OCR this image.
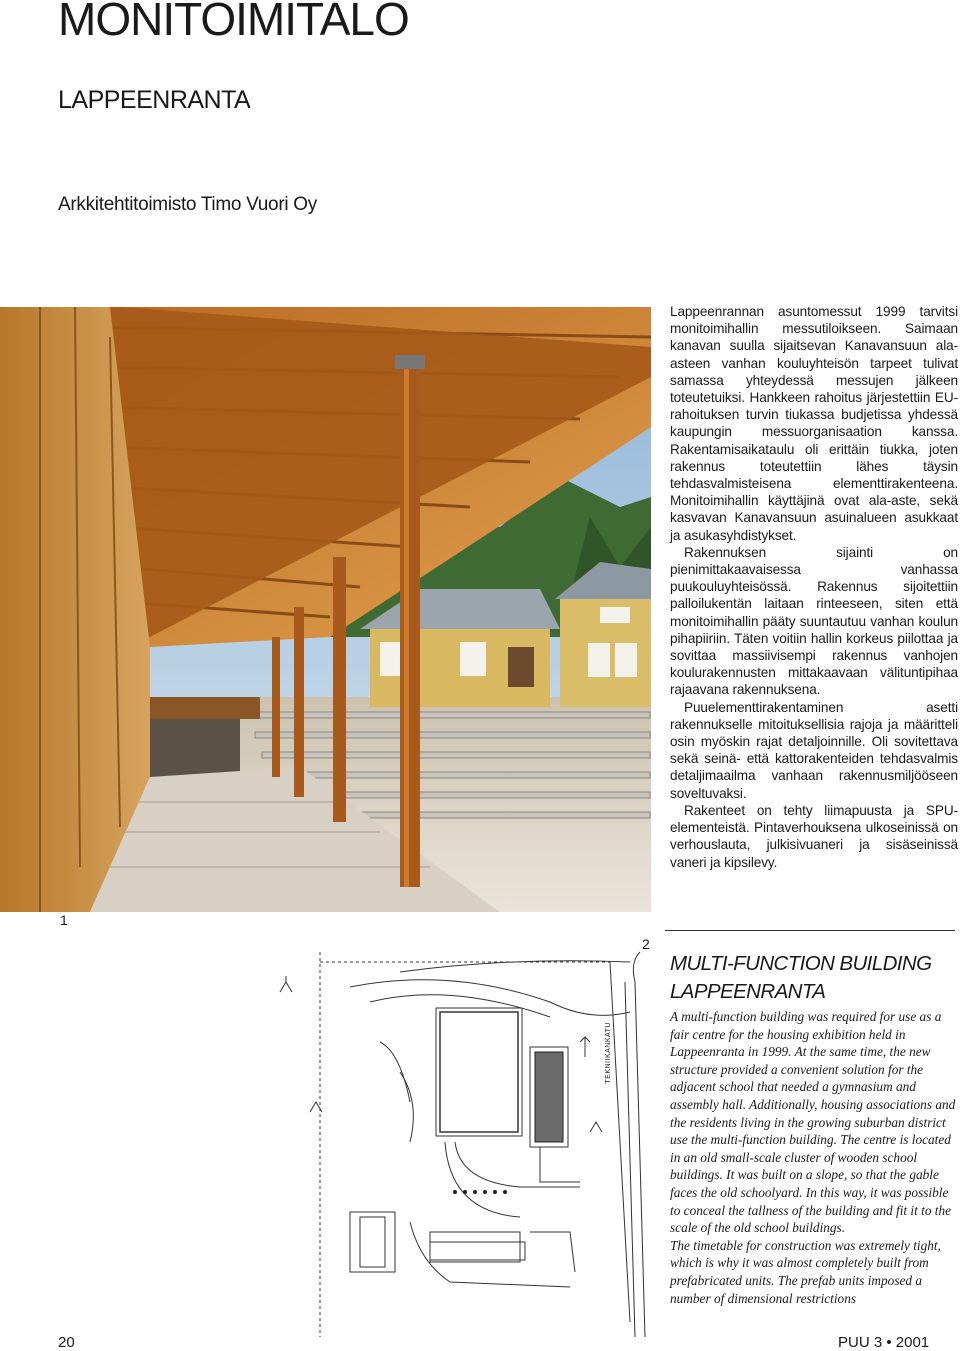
MONITOIMITALO
LAPPEENRANTA
Arkkitehtitoimisto Timo Vuori Oy
1
2

Lappeenrannan asuntomessut 1999 tarvitsi monitoimihallin messutiloikseen. Saimaan kanavan suulla sijaitsevan Kanavansuun ala-asteen vanhan kouluyhteisön tarpeet tulivat samassa yhteydessä messujen jälkeen toteutetuiksi. Hankkeen rahoitus järjestettiin EU-rahoituksen turvin tiukassa budjetissa yhdessä kaupungin messuorganisaation kanssa. Rakentamisaikataulu oli erittäin tiukka, joten rakennus toteutettiin lähes täysin tehdasvalmisteisena elementtirakenteena. Monitoimihallin käyttäjinä ovat ala-aste, sekä kasvavan Kanavansuun asuinalueen asukkaat ja asukasyhdistykset.

Rakennuksen sijainti on pienimittakaavaisessa vanhassa puukouluyhteisössä. Rakennus sijoitettiin palloilukentän laitaan rinteeseen, siten että monitoimihallin pääty suuntautuu vanhan koulun pihapiiriin. Täten voitiin hallin korkeus piilottaa ja sovittaa massiivisempi rakennus vanhojen koulurakennusten mittakaavaan välituntipihaa rajaavana rakennuksena.

Puuelementtirakentaminen asetti rakennukselle mitoituksellisia rajoja ja määritteli osin myöskin rajat detaljoinnille. Oli sovitettava sekä seinä- että kattorakenteiden tehdasvalmis detaljimaailma vanhaan rakennusmiljööseen soveltuvaksi.

Rakenteet on tehty liimapuusta ja SPU-elementeistä. Pintaverhouksena ulkoseinissä on verhouslauta, julkisivuaneri ja sisäseinissä vaneri ja kipsilevy.

TEKNIIKANKATU
MULTI-FUNCTION BUILDING
LAPPEENRANTA

A multi-function building was required for use as a fair centre for the housing exhibition held in Lappeenranta in 1999. At the same time, the new structure provided a convenient solution for the adjacent school that needed a gymnasium and assembly hall. Additionally, housing associations and the residents living in the growing suburban district use the multi-function building. The centre is located in an old small-scale cluster of wooden school buildings. It was built on a slope, so that the gable faces the old schoolyard. In this way, it was possible to conceal the tallness of the building and fit it to the scale of the old school buildings.

The timetable for construction was extremely tight, which is why it was almost completely built from prefabricated units. The prefab units imposed a number of dimensional restrictions

20	PUU 3 • 2001
